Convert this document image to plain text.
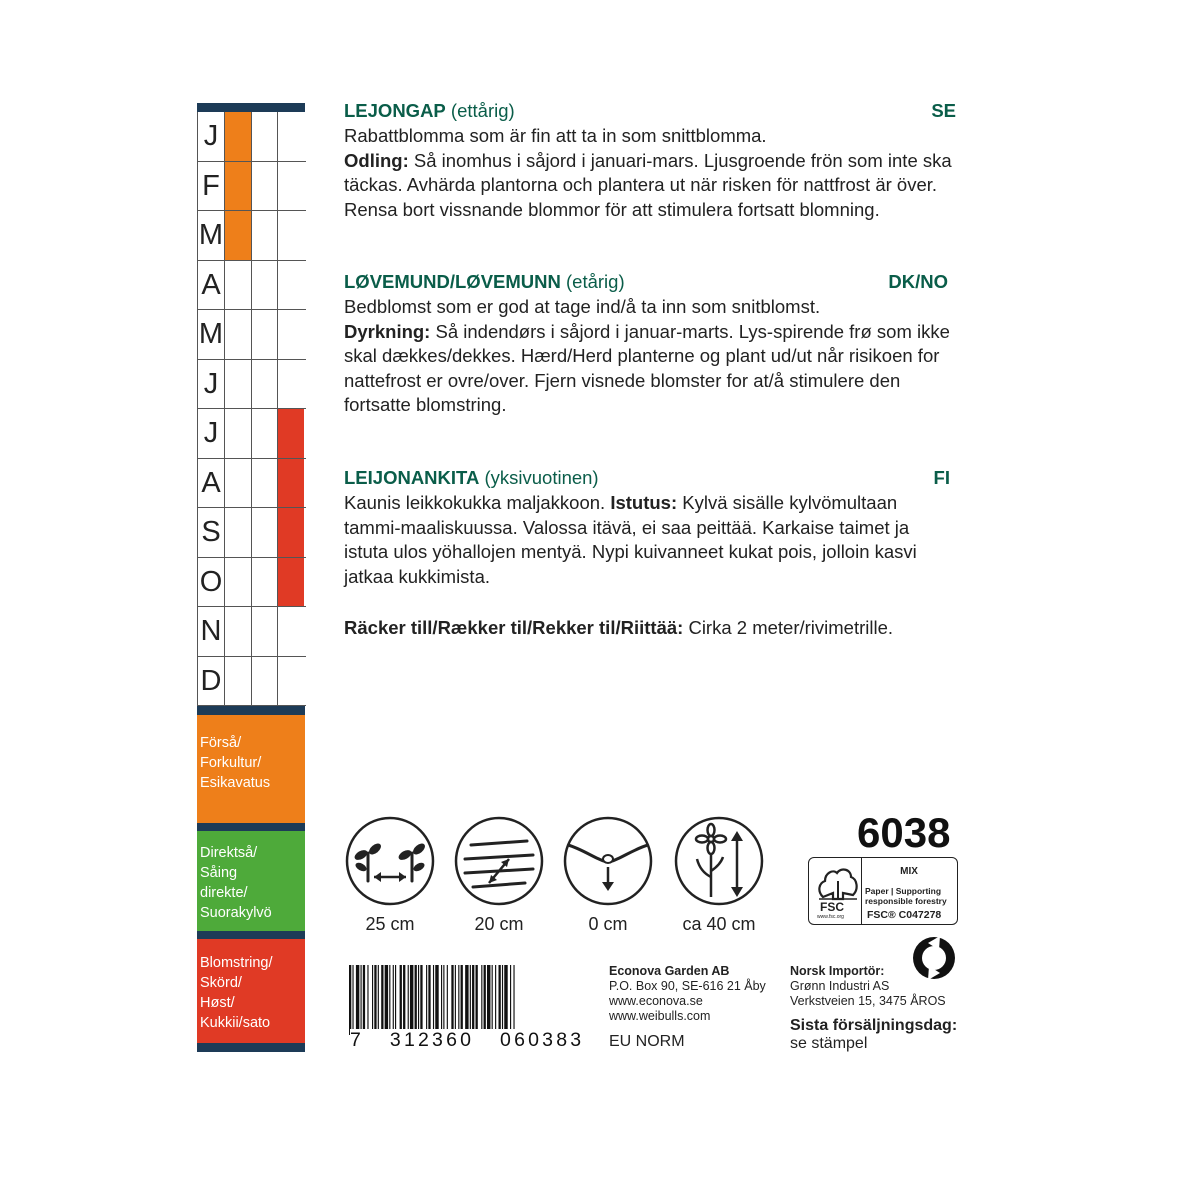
J
F
M
A
M
J
J
A
S
O
N
D
Förså/
Forkultur/
Esikavatus
Direktså/
Såing
direkte/
Suorakylvö
Blomstring/
Skörd/
Høst/
Kukkii/sato
LEJONGAP (ettårig)	SE

Rabattblomma som är fin att ta in som snittblomma.

Odling: Så inomhus i såjord i januari-mars. Ljusgroende frön som inte ska täckas. Avhärda plantorna och plantera ut när risken för nattfrost är över. Rensa bort vissnande blommor för att stimulera fortsatt blomning.

LØVEMUND/LØVEMUNN (etårig)	DK/NO

Bedblomst som er god at tage ind/å ta inn som snitblomst.

Dyrkning: Så indendørs i såjord i januar-marts. Lys-spirende frø som ikke skal dækkes/dekkes. Hærd/Herd planterne og plant ud/ut når risikoen for nattefrost er ovre/over. Fjern visnede blomster for at/å stimulere den fortsatte blomstring.

LEIJONANKITA (yksivuotinen)	FI

Kaunis leikkokukka maljakkoon. Istutus: Kylvä sisälle kylvömultaan tammi-maaliskuussa. Valossa itävä, ei saa peittää. Karkaise taimet ja istuta ulos yöhallojen mentyä. Nypi kuivanneet kukat pois, jolloin kasvi jatkaa kukkimista.

Räcker till/Rækker til/Rekker til/Riittää: Cirka 2 meter/rivimetrille.

25 cm	20 cm	0 cm	ca 40 cm
6038
FSC
www.fsc.org
MIX
Paper | Supporting
responsible forestry
FSC® C047278
7   312360   060383
Econova Garden AB
P.O. Box 90, SE-616 21 Åby
www.econova.se
www.weibulls.com
Norsk Importör:
Grønn Industri AS
Verkstveien 15, 3475 ÅROS
EU NORM
Sista försäljningsdag:
se stämpel
